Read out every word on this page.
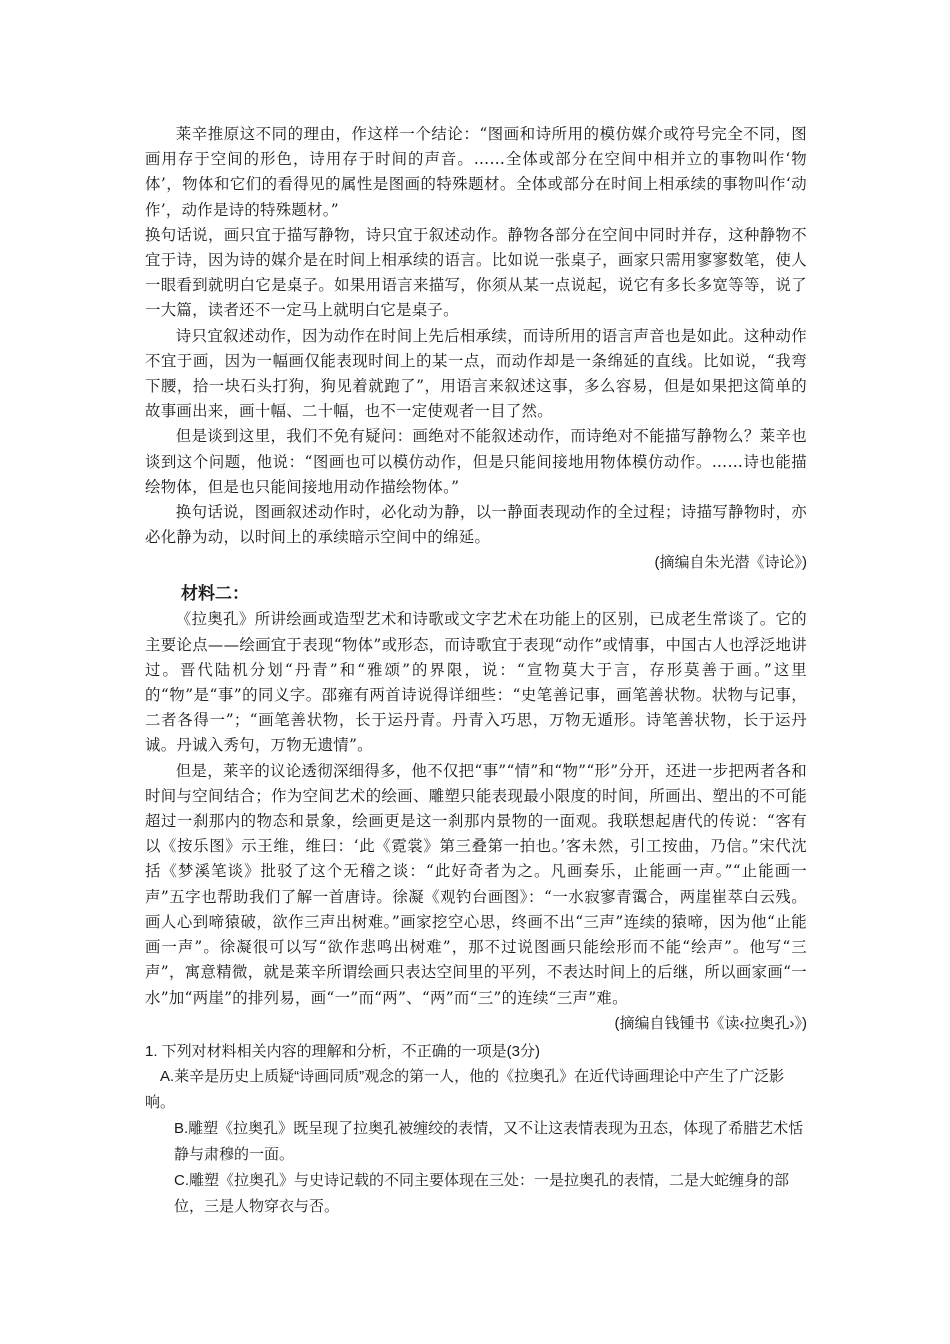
莱辛推原这不同的理由，作这样一个结论：“图画和诗所用的模仿媒介或符号完全不同，图画用存于空间的形色，诗用存于时间的声音。……全体或部分在空间中相并立的事物叫作‘物体’，物体和它们的看得见的属性是图画的特殊题材。全体或部分在时间上相承续的事物叫作‘动作’，动作是诗的特殊题材。”

换句话说，画只宜于描写静物，诗只宜于叙述动作。静物各部分在空间中同时并存，这种静物不宜于诗，因为诗的媒介是在时间上相承续的语言。比如说一张桌子，画家只需用寥寥数笔，使人一眼看到就明白它是桌子。如果用语言来描写，你须从某一点说起，说它有多长多宽等等，说了一大篇，读者还不一定马上就明白它是桌子。

诗只宜叙述动作，因为动作在时间上先后相承续，而诗所用的语言声音也是如此。这种动作不宜于画，因为一幅画仅能表现时间上的某一点，而动作却是一条绵延的直线。比如说，“我弯下腰，拾一块石头打狗，狗见着就跑了”，用语言来叙述这事，多么容易，但是如果把这简单的故事画出来，画十幅、二十幅，也不一定使观者一目了然。

但是谈到这里，我们不免有疑问：画绝对不能叙述动作，而诗绝对不能描写静物么？莱辛也谈到这个问题，他说：“图画也可以模仿动作，但是只能间接地用物体模仿动作。……诗也能描绘物体，但是也只能间接地用动作描绘物体。”

换句话说，图画叙述动作时，必化动为静，以一静面表现动作的全过程；诗描写静物时，亦必化静为动，以时间上的承续暗示空间中的绵延。

(摘编自朱光潜《诗论》)

材料二：

《拉奥孔》所讲绘画或造型艺术和诗歌或文字艺术在功能上的区别，已成老生常谈了。它的主要论点——绘画宜于表现“物体”或形态，而诗歌宜于表现“动作”或情事，中国古人也浮泛地讲过。晋代陆机分划“丹青”和“雅颂”的界限，说：“宣物莫大于言，存形莫善于画。”这里的“物”是“事”的同义字。邵雍有两首诗说得详细些：“史笔善记事，画笔善状物。状物与记事，二者各得一”；“画笔善状物，长于运丹青。丹青入巧思，万物无遁形。诗笔善状物，长于运丹诚。丹诚入秀句，万物无遗情”。

但是，莱辛的议论透彻深细得多，他不仅把“事”“情”和“物”“形”分开，还进一步把两者各和时间与空间结合；作为空间艺术的绘画、雕塑只能表现最小限度的时间，所画出、塑出的不可能超过一刹那内的物态和景象，绘画更是这一刹那内景物的一面观。我联想起唐代的传说：“客有以《按乐图》示王维，维曰：‘此《霓裳》第三叠第一拍也。’客未然，引工按曲，乃信。”宋代沈括《梦溪笔谈》批驳了这个无稽之谈：“此好奇者为之。凡画奏乐，止能画一声。”“止能画一声”五字也帮助我们了解一首唐诗。徐凝《观钓台画图》：“一水寂寥青霭合，两崖崔萃白云残。画人心到啼猿破，欲作三声出树难。”画家挖空心思，终画不出“三声”连续的猿啼，因为他“止能画一声”。徐凝很可以写“欲作悲鸣出树难”，那不过说图画只能绘形而不能“绘声”。他写“三声”，寓意精微，就是莱辛所谓绘画只表达空间里的平列，不表达时间上的后继，所以画家画“一水”加“两崖”的排列易，画“一”而“两”、“两”而“三”的连续“三声”难。

(摘编自钱锺书《读‹拉奥孔›》)

1. 下列对材料相关内容的理解和分析，不正确的一项是(3分)

A.莱辛是历史上质疑“诗画同质”观念的第一人，他的《拉奥孔》在近代诗画理论中产生了广泛影响。

B.雕塑《拉奥孔》既呈现了拉奥孔被缠绞的表情，又不让这表情表现为丑态，体现了希腊艺术恬静与肃穆的一面。

C.雕塑《拉奥孔》与史诗记载的不同主要体现在三处：一是拉奥孔的表情，二是大蛇缠身的部位，三是人物穿衣与否。
